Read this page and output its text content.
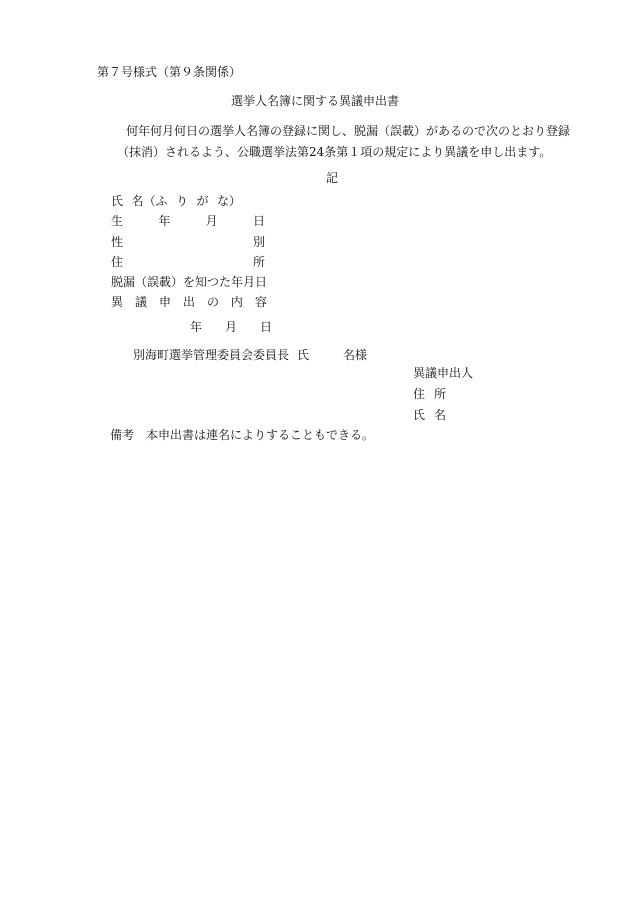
第７号様式（第９条関係）
選挙人名簿に関する異議申出書
何年何月何日の選挙人名簿の登録に関し、脱漏（誤載）があるので次のとおり登録
（抹消）されるよう、公職選挙法第24条第１項の規定により異議を申し出ます。
記
氏 名（ふ り が な）
生	年	月	日
性	別
住	所
脱漏（誤載）を知つた年月日
異 議 申 出 の 内 容
年 月 日
別海町選挙管理委員会委員長 氏	名様
異議申出人
住 所
氏 名
備考 本申出書は連名によりすることもできる。
